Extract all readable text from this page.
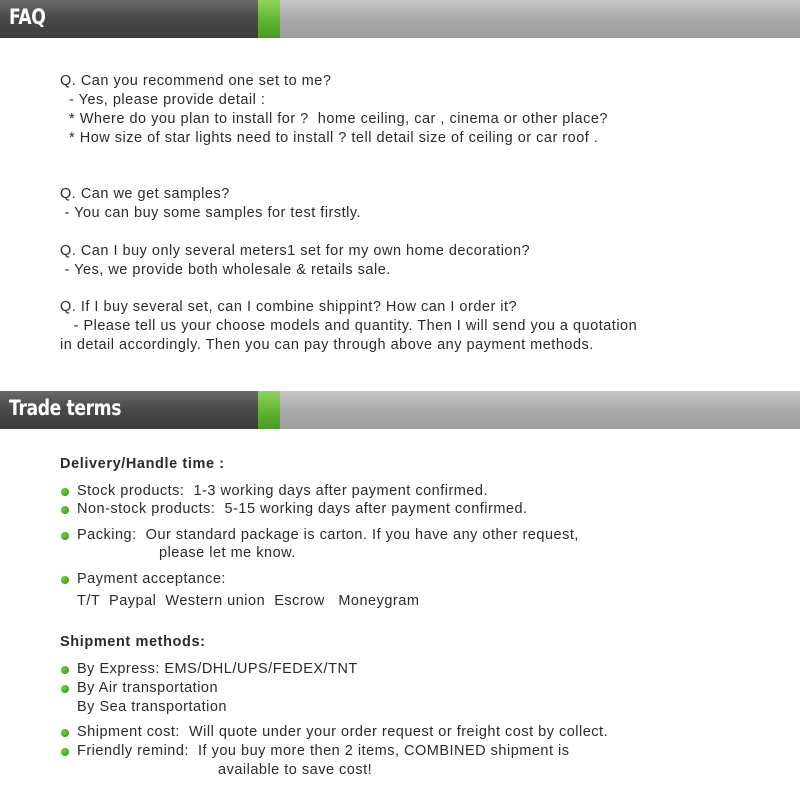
FAQ
Q. Can you recommend one set to me?
- Yes, please provide detail :
* Where do you plan to install for ?  home ceiling, car , cinema or other place?
* How size of star lights need to install ? tell detail size of ceiling or car roof .
Q. Can we get samples?
- You can buy some samples for test firstly.
Q. Can I buy only several meters1 set for my own home decoration?
- Yes, we provide both wholesale & retails sale.
Q. If I buy several set, can I combine shippint? How can I order it?
- Please tell us your choose models and quantity. Then I will send you a quotation
in detail accordingly. Then you can pay through above any payment methods.
Trade terms
Delivery/Handle time :
Stock products:  1-3 working days after payment confirmed.
Non-stock products:  5-15 working days after payment confirmed.
Packing:  Our standard package is carton. If you have any other request,
please let me know.
Payment acceptance:
T/T  Paypal  Western union  Escrow   Moneygram
Shipment methods:
By Express: EMS/DHL/UPS/FEDEX/TNT
By Air transportation
By Sea transportation
Shipment cost:  Will quote under your order request or freight cost by collect.
Friendly remind:  If you buy more then 2 items, COMBINED shipment is
available to save cost!
